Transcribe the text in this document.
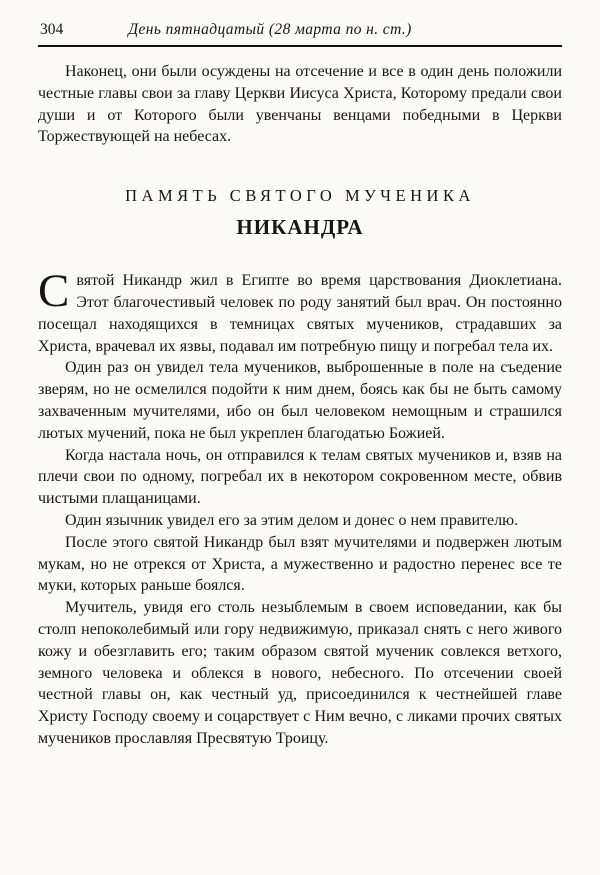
304	День пятнадцатый (28 марта по н. ст.)

Наконец, они были осуждены на отсечение и все в один день положили честные главы свои за главу Церкви Иисуса Христа, Которому предали свои души и от Которого были увенчаны венцами победными в Церкви Торжествующей на небесах.

ПАМЯТЬ СВЯТОГО МУЧЕНИКА
НИКАНДРА

Святой Никандр жил в Египте во время царствования Диоклетиана. Этот благочестивый человек по роду занятий был врач. Он постоянно посещал находящихся в темницах святых мучеников, страдавших за Христа, врачевал их язвы, подавал им потребную пищу и погребал тела их.

Один раз он увидел тела мучеников, выброшенные в поле на съедение зверям, но не осмелился подойти к ним днем, боясь как бы не быть самому захваченным мучителями, ибо он был человеком немощным и страшился лютых мучений, пока не был укреплен благодатью Божией.

Когда настала ночь, он отправился к телам святых мучеников и, взяв на плечи свои по одному, погребал их в некотором сокровенном месте, обвив чистыми плащаницами.

Один язычник увидел его за этим делом и донес о нем правителю.

После этого святой Никандр был взят мучителями и подвержен лютым мукам, но не отрекся от Христа, а мужественно и радостно перенес все те муки, которых раньше боялся.

Мучитель, увидя его столь незыблемым в своем исповедании, как бы столп непоколебимый или гору недвижимую, приказал снять с него живого кожу и обезглавить его; таким образом святой мученик совлекся ветхого, земного человека и облекся в нового, небесного. По отсечении своей честной главы он, как честный уд, присоединился к честнейшей главе Христу Господу своему и соцарствует с Ним вечно, с ликами прочих святых мучеников прославляя Пресвятую Троицу.
